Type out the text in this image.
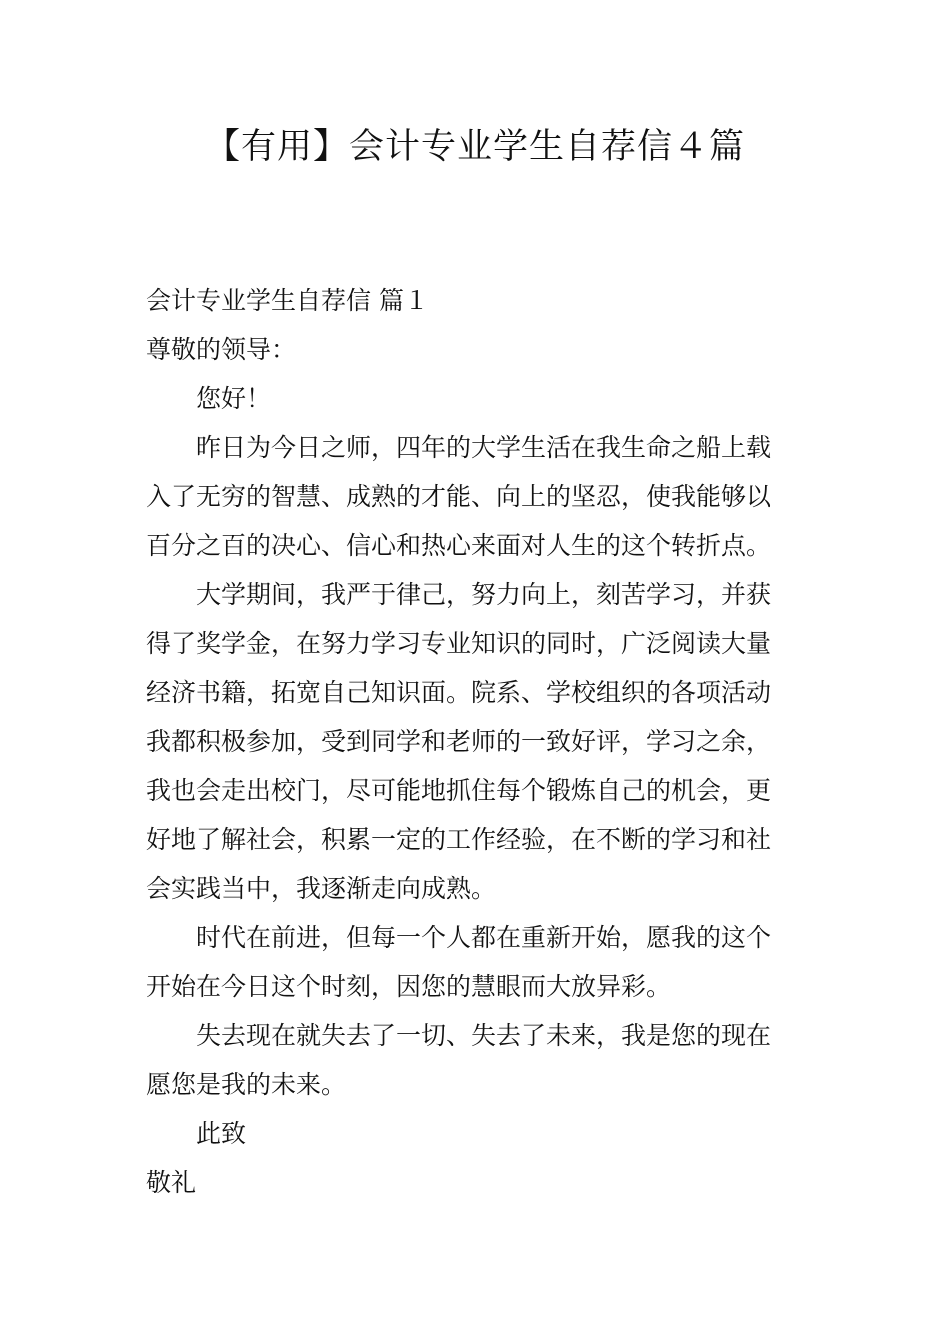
【有用】会计专业学生自荐信４篇

会计专业学生自荐信 篇１

尊敬的领导：

您好！

昨日为今日之师，四年的大学生活在我生命之船上载

入了无穷的智慧、成熟的才能、向上的坚忍，使我能够以

百分之百的决心、信心和热心来面对人生的这个转折点。

大学期间，我严于律己，努力向上，刻苦学习，并获

得了奖学金，在努力学习专业知识的同时，广泛阅读大量

经济书籍，拓宽自己知识面。院系、学校组织的各项活动

我都积极参加，受到同学和老师的一致好评，学习之余，

我也会走出校门，尽可能地抓住每个锻炼自己的机会，更

好地了解社会，积累一定的工作经验，在不断的学习和社

会实践当中，我逐渐走向成熟。

时代在前进，但每一个人都在重新开始，愿我的这个

开始在今日这个时刻，因您的慧眼而大放异彩。

失去现在就失去了一切、失去了未来，我是您的现在

愿您是我的未来。

此致

敬礼
